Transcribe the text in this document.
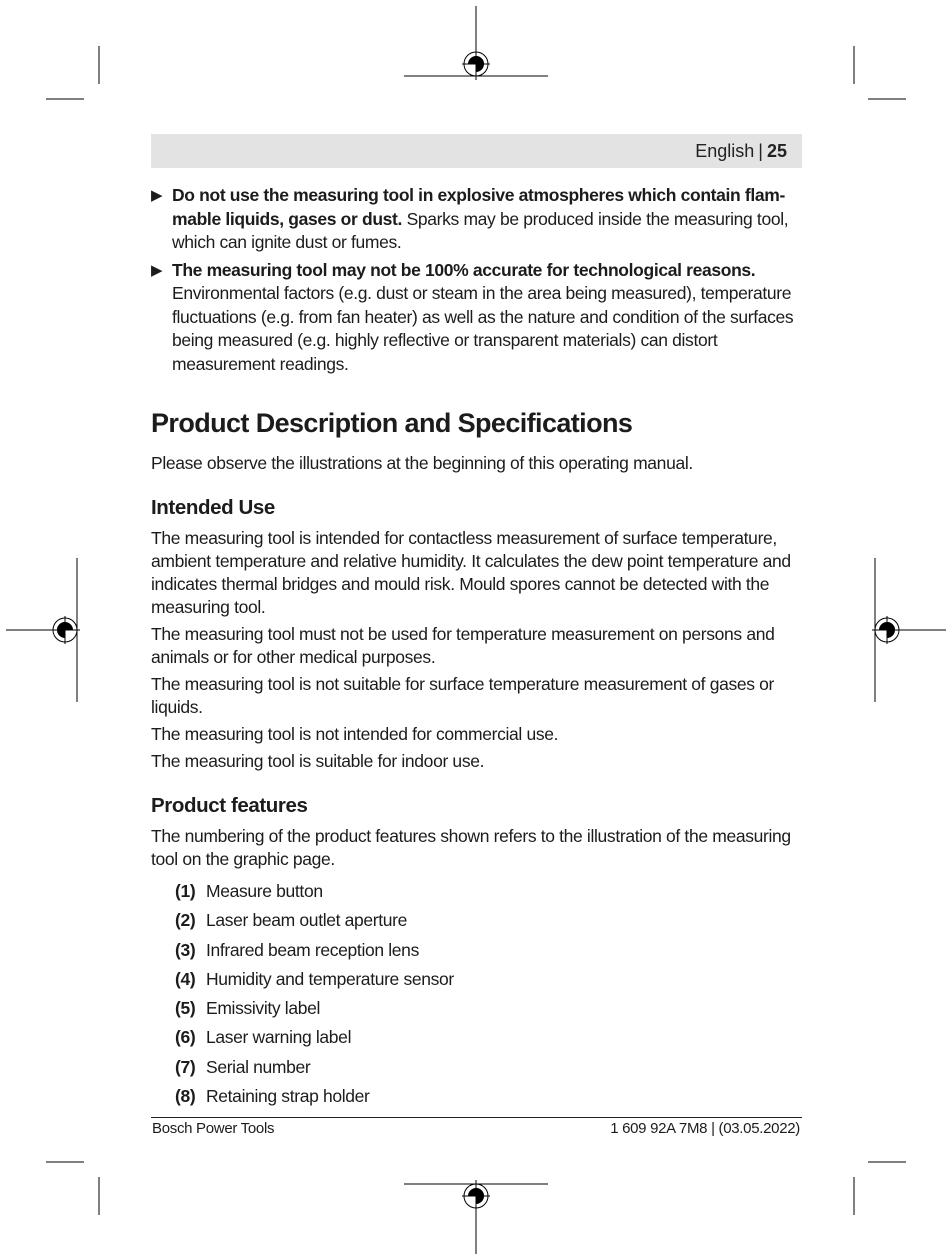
English | 25
▶ Do not use the measuring tool in explosive atmospheres which contain flam-mable liquids, gases or dust. Sparks may be produced inside the measuring tool, which can ignite dust or fumes.
▶ The measuring tool may not be 100% accurate for technological reasons. Environmental factors (e.g. dust or steam in the area being measured), temperature fluctuations (e.g. from fan heater) as well as the nature and condition of the surfaces being measured (e.g. highly reflective or transparent materials) can distort measurement readings.
Product Description and Specifications

Please observe the illustrations at the beginning of this operating manual.

Intended Use

The measuring tool is intended for contactless measurement of surface temperature, ambient temperature and relative humidity. It calculates the dew point temperature and indicates thermal bridges and mould risk. Mould spores cannot be detected with the measuring tool.

The measuring tool must not be used for temperature measurement on persons and animals or for other medical purposes.

The measuring tool is not suitable for surface temperature measurement of gases or liquids.

The measuring tool is not intended for commercial use.

The measuring tool is suitable for indoor use.

Product features

The numbering of the product features shown refers to the illustration of the measuring tool on the graphic page.

(1) Measure button
(2) Laser beam outlet aperture
(3) Infrared beam reception lens
(4) Humidity and temperature sensor
(5) Emissivity label
(6) Laser warning label
(7) Serial number
(8) Retaining strap holder
Bosch Power Tools	1 609 92A 7M8 | (03.05.2022)
